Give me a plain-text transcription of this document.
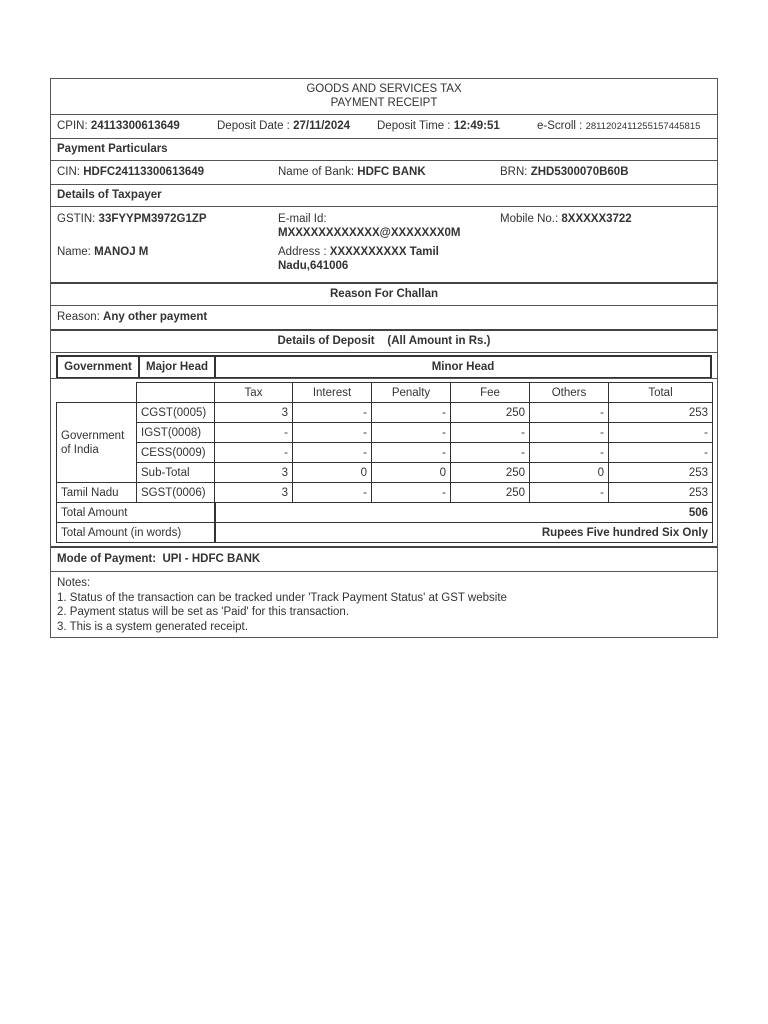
GOODS AND SERVICES TAX
PAYMENT RECEIPT
CPIN: 24113300613649	Deposit Date : 27/11/2024 Deposit Time : 12:49:51	e-Scroll : 2811202411255157445815
Payment Particulars
CIN: HDFC24113300613649	Name of Bank: HDFC BANK	BRN: ZHD5300070B60B
Details of Taxpayer
GSTIN: 33FYYPM3972G1ZP	E-mail Id:
MXXXXXXXXXXXX@XXXXXXX0M
Mobile No.: 8XXXXX3722
Name: MANOJ M	Address : XXXXXXXXXX Tamil
Nadu,641006
Reason For Challan
Reason: Any other payment
Details of Deposit    (All Amount in Rs.)
Government	Major Head	Minor Head
		Tax	Interest	Penalty	Fee	Others	Total
Government of India	CGST(0005)	3	-	-	250	-	253
	IGST(0008)	-	-	-	-	-	-
	CESS(0009)	-	-	-	-	-	-
	Sub-Total	3	0	0	250	0	253
Tamil Nadu	SGST(0006)	3	-	-	250	-	253
Total Amount		506					
Total Amount (in words)		Rupees Five hundred Six Only					
Mode of Payment: UPI - HDFC BANK
Notes:
1. Status of the transaction can be tracked under 'Track Payment Status' at GST website
2. Payment status will be set as 'Paid' for this transaction.
3. This is a system generated receipt.
